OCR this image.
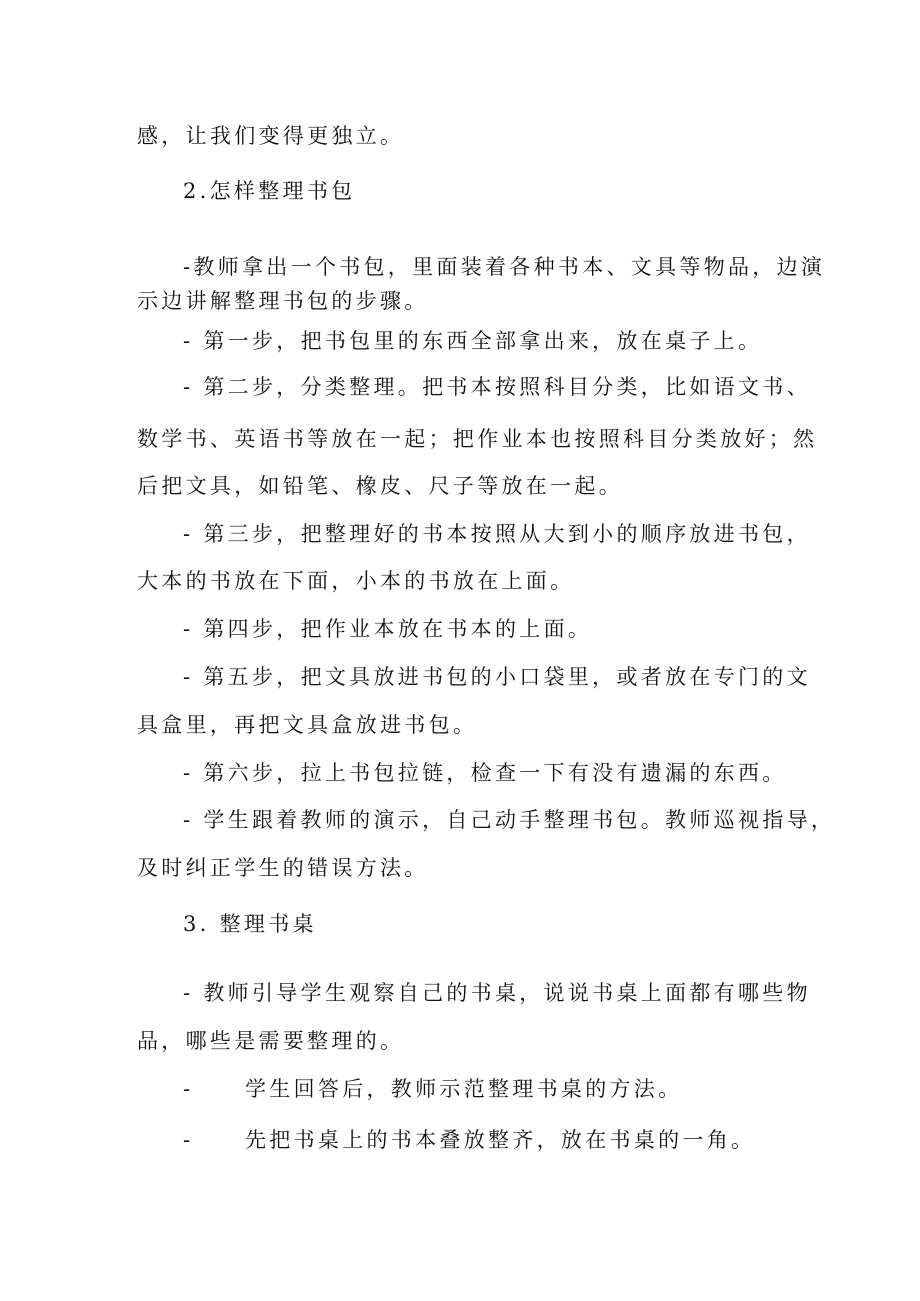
感，让我们变得更独立。
2.怎样整理书包
-教师拿出一个书包，里面装着各种书本、文具等物品，边演
示边讲解整理书包的步骤。
- 第一步，把书包里的东西全部拿出来，放在桌子上。
- 第二步，分类整理。把书本按照科目分类，比如语文书、
数学书、英语书等放在一起；把作业本也按照科目分类放好；然
后把文具，如铅笔、橡皮、尺子等放在一起。
- 第三步，把整理好的书本按照从大到小的顺序放进书包，
大本的书放在下面，小本的书放在上面。
- 第四步，把作业本放在书本的上面。
- 第五步，把文具放进书包的小口袋里，或者放在专门的文
具盒里，再把文具盒放进书包。
- 第六步，拉上书包拉链，检查一下有没有遗漏的东西。
- 学生跟着教师的演示，自己动手整理书包。教师巡视指导，
及时纠正学生的错误方法。
3. 整理书桌
- 教师引导学生观察自己的书桌，说说书桌上面都有哪些物
品，哪些是需要整理的。
-	学生回答后，教师示范整理书桌的方法。
-	先把书桌上的书本叠放整齐，放在书桌的一角。
